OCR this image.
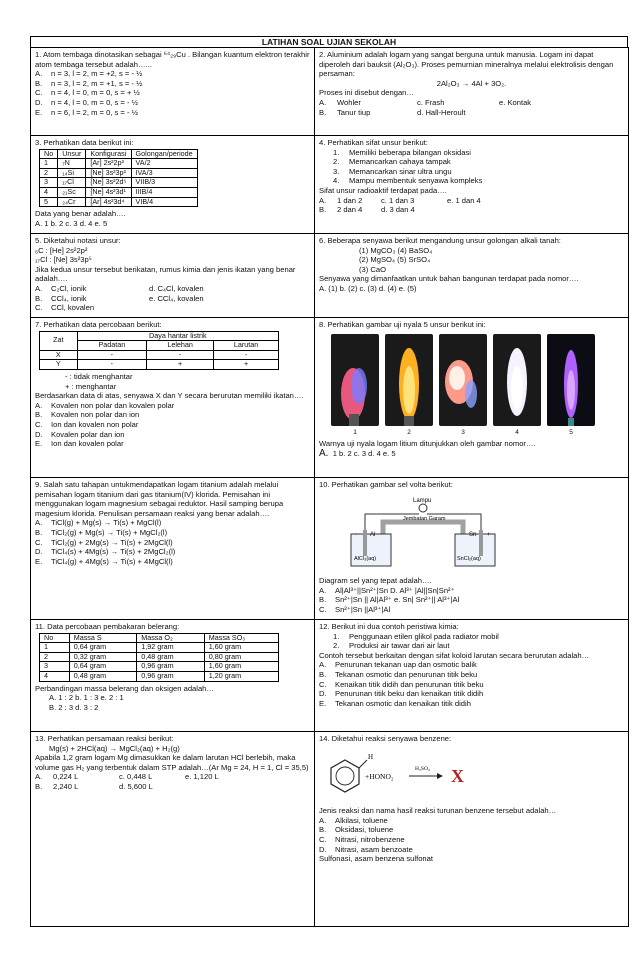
LATIHAN SOAL UJIAN SEKOLAH

1. Atom tembaga dinotasikan sebagai ⁶⁴₂₉Cu . Bilangan kuantum elektron terakhir atom tembaga tersebut adalah…...

A.	n = 3, l = 2, m = +2, s = - ½
B.	n = 3, l = 2, m = +1, s = - ½
C.	n = 4, l = 0, m = 0, s = + ½
D.	n = 4, l = 0, m = 0, s = - ½
E.	n = 6, l = 2, m = 0, s = - ½

2. Aluminium adalah logam yang sangat berguna untuk manusia. Logam ini dapat diperoleh dari bauksit (Al₂O₃). Proses pemurnian mineralnya melalui elektrolisis dengan persaman:

2Al₂O₃ → 4Al + 3O₂.
Proses ini disebut dengan…
A.	Wohler	c. Frash	e. Kontak
B.	Tanur tiup	d. Hall-Heroult

3. Perhatikan data berikut ini:

No	Unsur	Konfigurasi	Golongan/periode
1	₇N	[Ar] 2s²2p³	VA/2
2	₁₄Si	[Ne] 3s²3p²	IVA/3
3	₁₇Cl	[Ne] 3s²2d⁵	VIIB/3
4	₂₁Sc	[Ne] 4s²3d¹	IIIB/4
5	₂₄Cr	[Ar] 4s²3d⁴	VIB/4
Data yang benar adalah….
A. 1 b. 2 c. 3 d. 4 e. 5

4. Perhatikan sifat unsur berikut:

1.	Memiliki beberapa bilangan oksidasi
2.	Memancarkan cahaya tampak
3.	Memancarkan sinar ultra ungu
4.	Mampu membentuk senyawa kompleks
Sifat unsur radioaktif terdapat pada….
A.	1 dan 2	c. 1 dan 3	e. 1 dan 4
B.	2 dan 4	d. 3 dan 4

5. Diketahui notasi unsur:

₆C : [He] 2s²2p²
₁₇Cl : [Ne] 3s²3p⁵
Jika kedua unsur tersebut berikatan, rumus kimia dan jenis ikatan yang benar adalah….
A.	C₂Cl, ionik	d. C₄Cl, kovalen
B.	CCl₄, ionik	e. CCl₄, kovalen
C.	CCl, kovalen

6. Beberapa senyawa berikut mengandung unsur golongan alkali tanah:

(1) MgCO₃ (4) BaSO₄
(2) MgSO₄ (5) SrSO₄
(3) CaO
Senyawa yang dimanfaatkan untuk bahan bangunan terdapat pada nomor….
A. (1) b. (2) c. (3) d. (4) e. (5)

7. Perhatikan data percobaan berikut:

Zat	Daya hantar listrik
Padatan	Lelehan	Larutan
X	-	-	-
Y	-	+	+
- : tidak menghantar
+ : menghantar
Berdasarkan data di atas, senyawa X dan Y secara berurutan memiliki ikatan….
A.	Kovalen non polar dan kovalen polar
B.	Kovalen non polar dan ion
C.	Ion dan kovalen non polar
D.	Kovalen polar dan ion
E.	Ion dan kovalen polar

8. Perhatikan gambar uji nyala 5 unsur berikut ini:

1	2	3	4	5
Warnya uji nyala logam litium ditunjukkan oleh gambar nomor….
A. 1 b. 2 c. 3 d. 4 e. 5

9. Salah satu tahapan untukmendapatkan logam titanium adalah melalui pemisahan logam titanium dari gas titanium(IV) klorida. Pemisahan ini menggunakan logam magnesium sebagai reduktor. Hasil samping berupa magesium klorida. Penulisan persamaan reaksi yang benar adalah….

A.	TiCl(g) + Mg(s) → Ti(s) + MgCl(l)
B.	TiCl₂(g) + Mg(s) → Ti(s) + MgCl₂(l)
C.	TiCl₂(g) + 2Mg(s) → Ti(s) + 2MgCl(l)
D.	TiCl₄(s) + 4Mg(s) → Ti(s) + 2MgCl₂(l)
E.	TiCl₄(g) + 4Mg(s) → Ti(s) + 4MgCl(l)

10. Perhatikan gambar sel volta berikut:

Lampu
Jembatan Garam
- Al	Sn +
AlCl₃(aq)	SnCl₂(aq)
Diagram sel yang tepat adalah….
A.	Al|Al³⁺||Sn²⁺|Sn D. Al³⁺ |Al||Sn|Sn²⁺
B.	Sn²⁺|Sn || Al|Al³⁺ e. Sn| Sn²⁺|| Al³⁺|Al
C.	Sn²⁺|Sn ||Al³⁺|Al

11. Data percobaan pembakaran belerang:

No	Massa S	Massa O₂	Massa SO₃
1	0,64 gram	1,92 gram	1,60 gram
2	0,32 gram	0,48 gram	0,80 gram
3	0,64 gram	0,96 gram	1,60 gram
4	0,48 gram	0,96 gram	1,20 gram
Perbandingan massa belerang dan oksigen adalah…
A. 1 : 2 b. 1 : 3 e. 2 : 1
B. 2 : 3 d. 3 : 2

12. Berikut ini dua contoh peristiwa kimia:

1.	Penggunaan etilen glikol pada radiator mobil
2.	Produksi air tawar dari air laut
Contoh tersebut berkaitan dengan sifat koloid larutan secara berurutan adalah…
A.	Penurunan tekanan uap dan osmotic balik
B.	Tekanan osmotic dan penurunan titik beku
C.	Kenaikan titik didih dan penurunan titik beku
D.	Penurunan titik beku dan kenaikan titik didih
E.	Tekanan osmotic dan kenaikan titik didih

13. Perhatikan persamaan reaksi berikut:

Mg(s) + 2HCl(aq) → MgCl₂(aq) + H₂(g)
Apabila 1,2 gram logam Mg dimasukkan ke dalam larutan HCl berlebih, maka volume gas H₂ yang terbentuk dalam STP adalah…(Ar Mg = 24, H = 1, Cl = 35,5)
A.	0,224 L	c. 0,448 L	e. 1,120 L
B.	2,240 L	d. 5,600 L

14. Diketahui reaksi senyawa benzene:

H
+HONO₂
H₂SO₄ X
Jenis reaksi dan nama hasil reaksi turunan benzene tersebut adalah…
A.	Alkilasi, toluene
B.	Oksidasi, toluene
C.	Nitrasi, nitrobenzene
D.	Nitrasi, asam benzoate
Sulfonasi, asam benzena sulfonat
